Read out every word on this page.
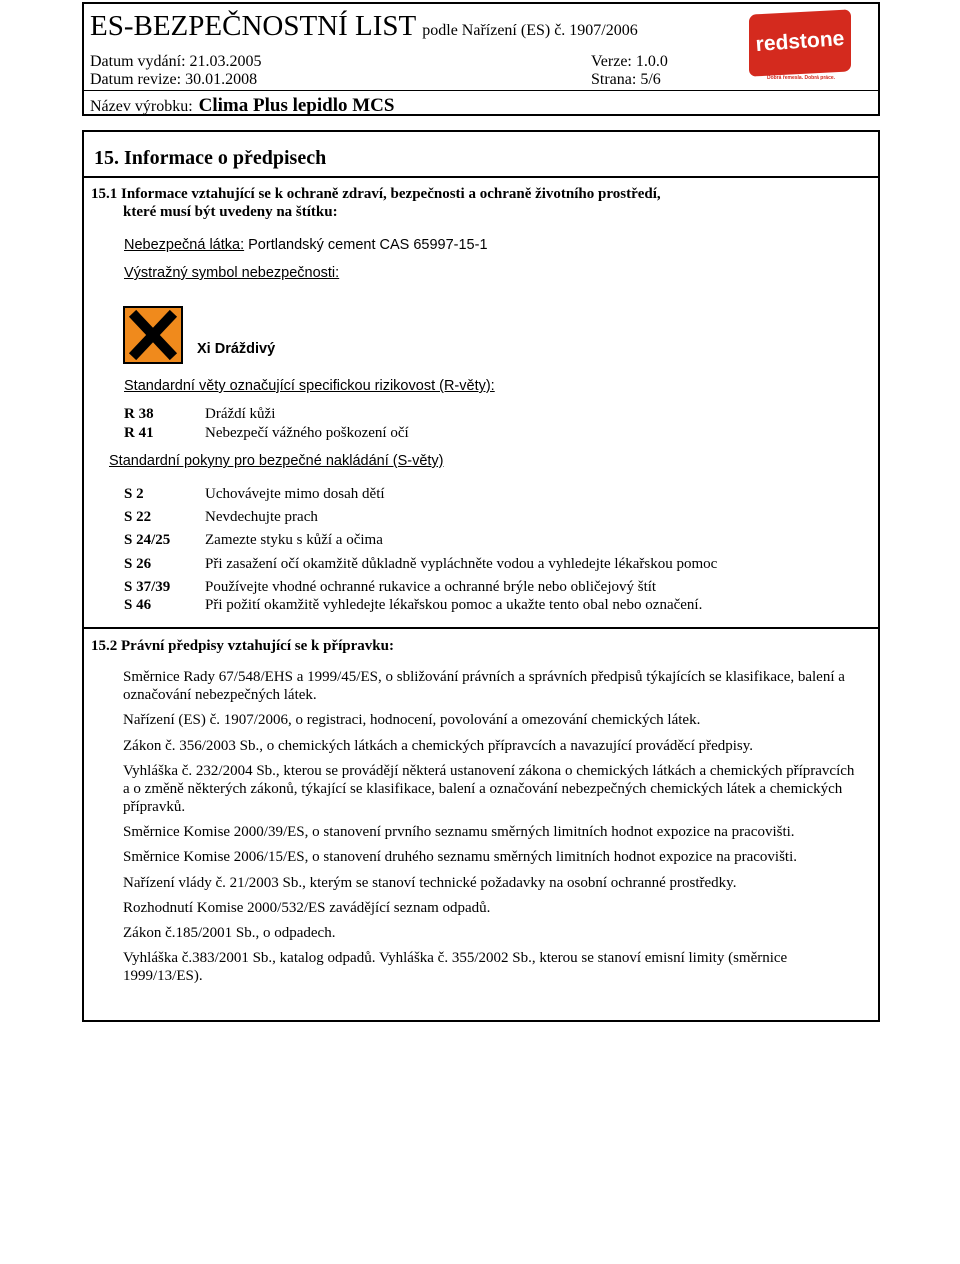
ES-BEZPEČNOSTNÍ LIST podle Nařízení (ES) č. 1907/2006
Datum vydání: 21.03.2005	Verze: 1.0.0
Datum revize: 30.01.2008	Strana: 5/6
Název výrobku: Clima Plus lepidlo MCS
redstone
Dobrá řemesla. Dobrá práce.
15. Informace o předpisech
15.1 Informace vztahující se k ochraně zdraví, bezpečnosti a ochraně životního prostředí,
které musí být uvedeny na štítku:
Nebezpečná látka: Portlandský cement CAS 65997-15-1
Výstražný symbol nebezpečnosti:
Xi Dráždivý
Standardní věty označující specifickou rizikovost (R-věty):
R 38	Dráždí kůži
R 41	Nebezpečí vážného poškození očí
Standardní pokyny pro bezpečné nakládání (S-věty)
S 2	Uchovávejte mimo dosah dětí
S 22	Nevdechujte prach
S 24/25 Zamezte styku s kůží a očima
S 26	Při zasažení očí okamžitě důkladně vypláchněte vodou a vyhledejte lékařskou pomoc
S 37/39 Používejte vhodné ochranné rukavice a ochranné brýle nebo obličejový štít
S 46	Při požití okamžitě vyhledejte lékařskou pomoc a ukažte tento obal nebo označení.
15.2 Právní předpisy vztahující se k přípravku:
Směrnice Rady 67/548/EHS a 1999/45/ES, o sbližování právních a správních předpisů týkajících se klasifikace, balení a označování nebezpečných látek.
Nařízení (ES) č. 1907/2006, o registraci, hodnocení, povolování a omezování chemických látek.
Zákon č. 356/2003 Sb., o chemických látkách a chemických přípravcích a navazující prováděcí předpisy.
Vyhláška č. 232/2004 Sb., kterou se provádějí některá ustanovení zákona o chemických látkách a chemických přípravcích a o změně některých zákonů, týkající se klasifikace, balení a označování nebezpečných chemických látek a chemických přípravků.
Směrnice Komise 2000/39/ES, o stanovení prvního seznamu směrných limitních hodnot expozice na pracovišti.
Směrnice Komise 2006/15/ES, o stanovení druhého seznamu směrných limitních hodnot expozice na pracovišti.
Nařízení vlády č. 21/2003 Sb., kterým se stanoví technické požadavky na osobní ochranné prostředky.
Rozhodnutí Komise 2000/532/ES zavádějící seznam odpadů.
Zákon č.185/2001 Sb., o odpadech.
Vyhláška č.383/2001 Sb., katalog odpadů. Vyhláška č. 355/2002 Sb., kterou se stanoví emisní limity (směrnice 1999/13/ES).
